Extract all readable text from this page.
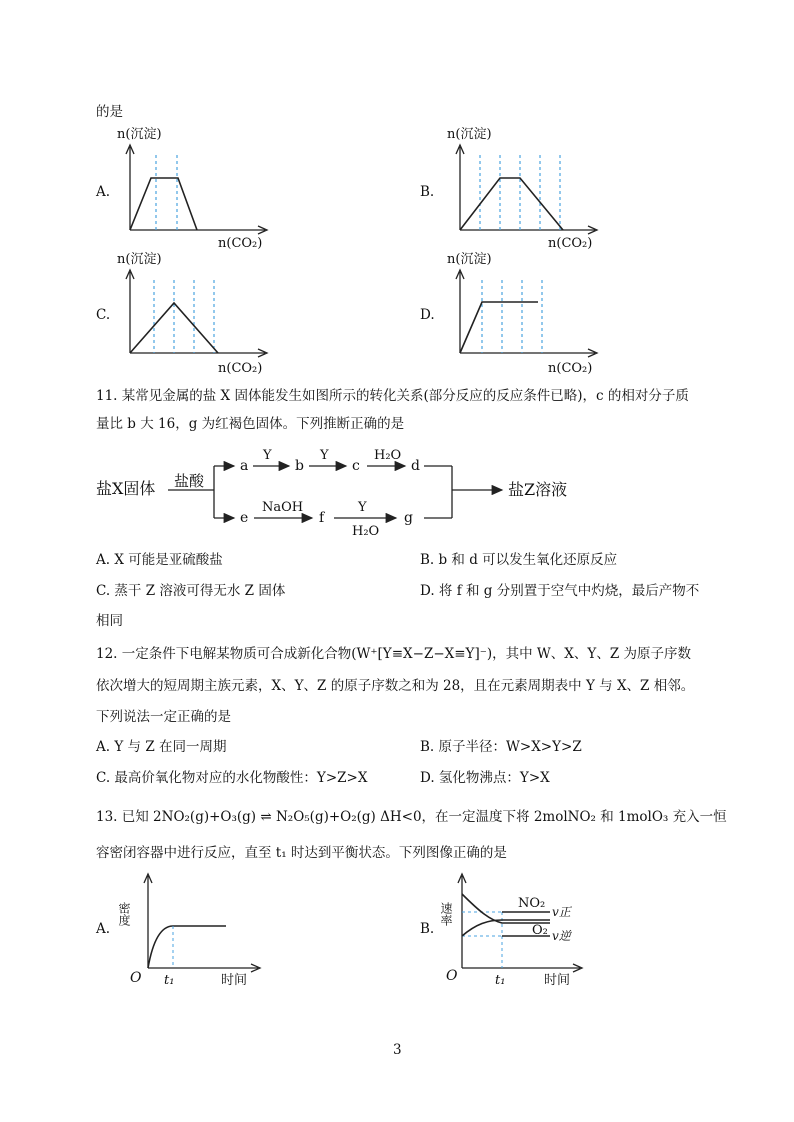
的是
A.	B.
C.	D.
n(沉淀)
n(CO₂)
n(沉淀)
n(CO₂)
n(沉淀)
n(CO₂)
n(沉淀)
n(CO₂)
11. 某常见金属的盐 X 固体能发生如图所示的转化关系(部分反应的反应条件已略)，c 的相对分子质
量比 b 大 16，g 为红褐色固体。下列推断正确的是
盐X固体 盐酸
a
Y
b
Y
c
H₂O
d
e
NaOH
f
Y
H₂O
g
盐Z溶液
A. X 可能是亚硫酸盐	B. b 和 d 可以发生氧化还原反应
C. 蒸干 Z 溶液可得无水 Z 固体	D. 将 f 和 g 分别置于空气中灼烧，最后产物不
相同
12. 一定条件下电解某物质可合成新化合物(W⁺[Y≡X−Z−X≡Y]⁻)，其中 W、X、Y、Z 为原子序数
依次增大的短周期主族元素，X、Y、Z 的原子序数之和为 28，且在元素周期表中 Y 与 X、Z 相邻。
下列说法一定正确的是
A. Y 与 Z 在同一周期	B. 原子半径：W>X>Y>Z
C. 最高价氧化物对应的水化物酸性：Y>Z>X	D. 氢化物沸点：Y>X
13. 已知 2NO₂(g)+O₃(g) ⇌ N₂O₅(g)+O₂(g) ΔH<0，在一定温度下将 2molNO₂ 和 1molO₃ 充入一恒
容密闭容器中进行反应，直至 t₁ 时达到平衡状态。下列图像正确的是
A.
密度
O t₁	时间
B.
速率	NO₂
O₂
v正
v逆
O	t₁	时间
3
